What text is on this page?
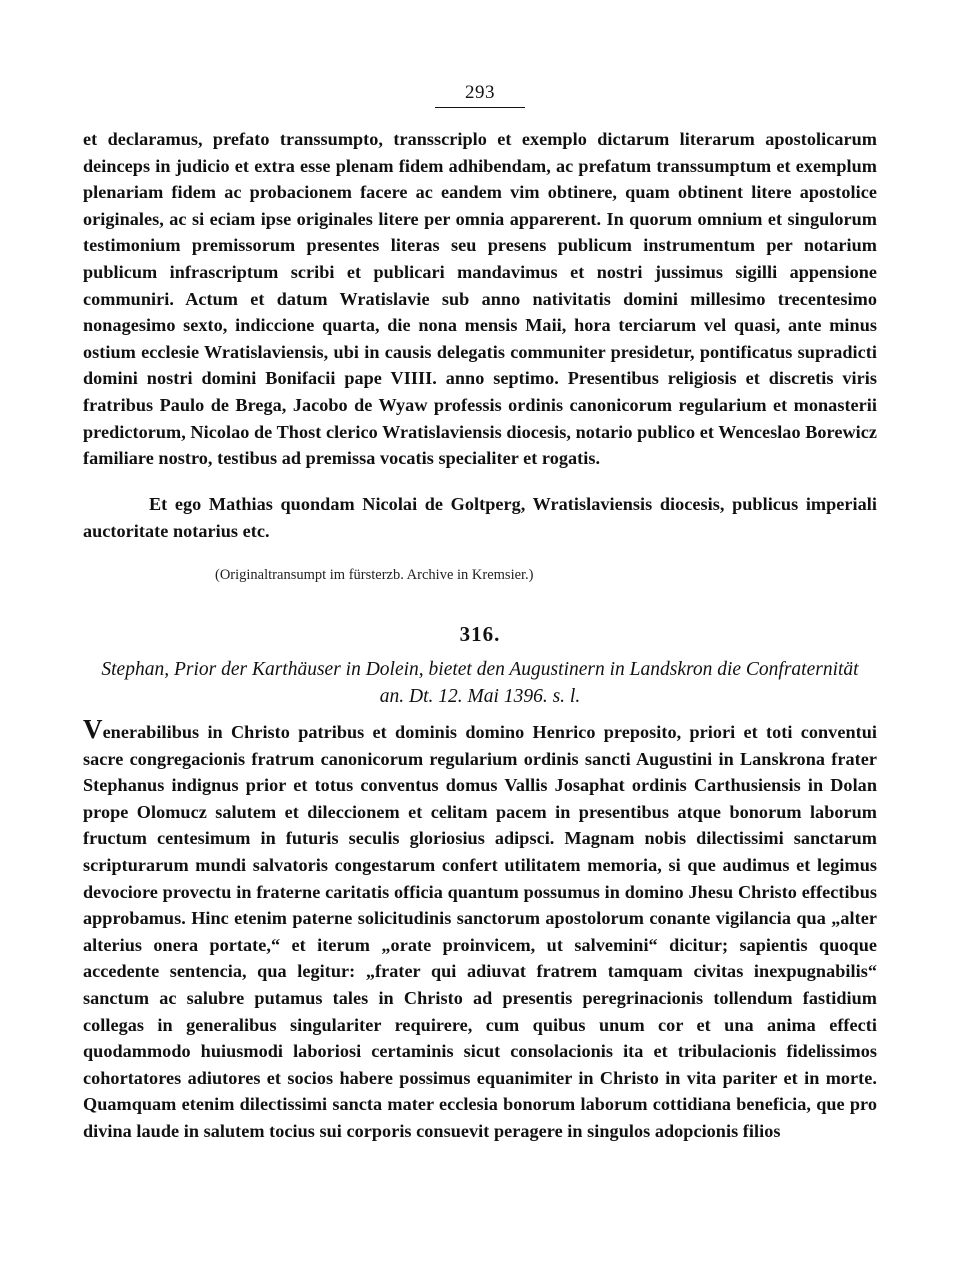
293

et declaramus, prefato transsumpto, transscriplo et exemplo dictarum literarum apostolicarum deinceps in judicio et extra esse plenam fidem adhibendam, ac prefatum transsumptum et exemplum plenariam fidem ac probacionem facere ac eandem vim obtinere, quam obtinent litere apostolice originales, ac si eciam ipse originales litere per omnia apparerent. In quorum omnium et singulorum testimonium premissorum presentes literas seu presens publicum instrumentum per notarium publicum infrascriptum scribi et publicari mandavimus et nostri jussimus sigilli appensione communiri. Actum et datum Wratislavie sub anno nativitatis domini millesimo trecentesimo nonagesimo sexto, indiccione quarta, die nona mensis Maii, hora terciarum vel quasi, ante minus ostium ecclesie Wratislaviensis, ubi in causis delegatis communiter presidetur, pontificatus supradicti domini nostri domini Bonifacii pape VIIII. anno septimo. Presentibus religiosis et discretis viris fratribus Paulo de Brega, Jacobo de Wyaw professis ordinis canonicorum regularium et monasterii predictorum, Nicolao de Thost clerico Wratislaviensis diocesis, notario publico et Wenceslao Borewicz familiare nostro, testibus ad premissa vocatis specialiter et rogatis.

Et ego Mathias quondam Nicolai de Goltperg, Wratislaviensis diocesis, publicus imperiali auctoritate notarius etc.

(Originaltransumpt im fürsterzb. Archive in Kremsier.)
316.
Stephan, Prior der Karthäuser in Dolein, bietet den Augustinern in Landskron die Confraternität an. Dt. 12. Mai 1396. s. l.

Venerabilibus in Christo patribus et dominis domino Henrico preposito, priori et toti conventui sacre congregacionis fratrum canonicorum regularium ordinis sancti Augustini in Lanskrona frater Stephanus indignus prior et totus conventus domus Vallis Josaphat ordinis Carthusiensis in Dolan prope Olomucz salutem et dileccionem et celitam pacem in presentibus atque bonorum laborum fructum centesimum in futuris seculis gloriosius adipsci. Magnam nobis dilectissimi sanctarum scripturarum mundi salvatoris congestarum confert utilitatem memoria, si que audimus et legimus devociore provectu in fraterne caritatis officia quantum possumus in domino Jhesu Christo effectibus approbamus. Hinc etenim paterne solicitudinis sanctorum apostolorum conante vigilancia qua „alter alterius onera portate,“ et iterum „orate proinvicem, ut salvemini“ dicitur; sapientis quoque accedente sentencia, qua legitur: „frater qui adiuvat fratrem tamquam civitas inexpugnabilis“ sanctum ac salubre putamus tales in Christo ad presentis peregrinacionis tollendum fastidium collegas in generalibus singulariter requirere, cum quibus unum cor et una anima effecti quodammodo huiusmodi laboriosi certaminis sicut consolacionis ita et tribulacionis fidelissimos cohortatores adiutores et socios habere possimus equanimiter in Christo in vita pariter et in morte. Quamquam etenim dilectissimi sancta mater ecclesia bonorum laborum cottidiana beneficia, que pro divina laude in salutem tocius sui corporis consuevit peragere in singulos adopcionis filios
